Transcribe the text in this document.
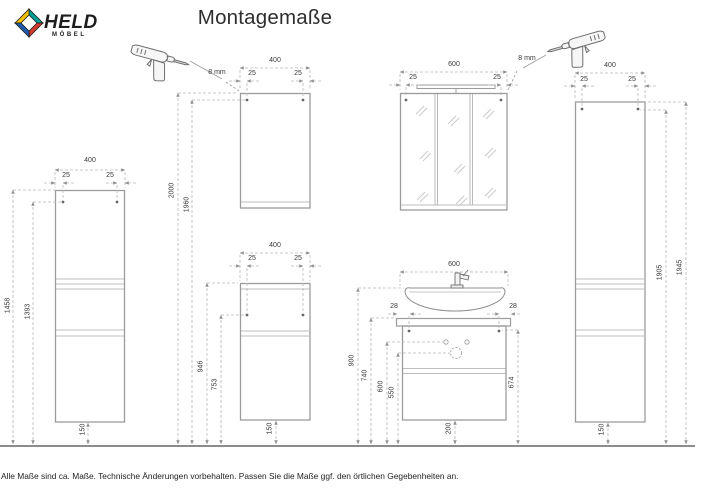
Montagemaße
HELD
MÖBEL
8 mm
8 mm
400
25	25
1458 1393
150
400
25	25
2000
1960
400
25	25
946
753
150
600
25	25
600
28	28
900
740
600
550
674
200
400
25	25
1905 1945
150
Alle Maße sind ca. Maße. Technische Änderungen vorbehalten. Passen Sie die Maße ggf. den örtlichen Gegebenheiten an.
